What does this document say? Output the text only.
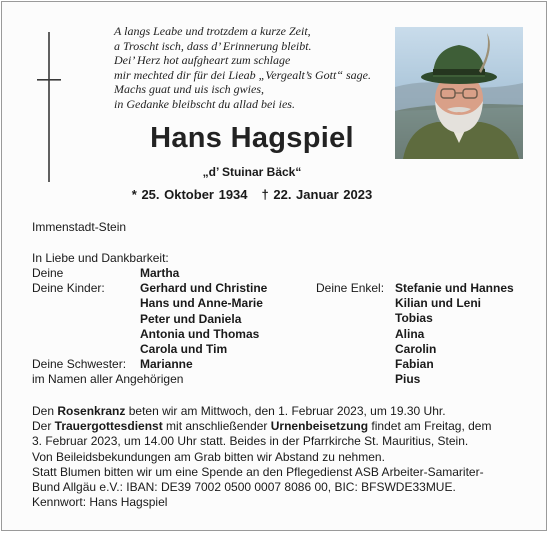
A langs Leabe und trotzdem a kurze Zeit,
a Troscht isch, dass d’ Erinnerung bleibt.
Dei’ Herz hot aufgheart zum schlage
mir mechted dir für dei Lieab „Vergealt’s Gott“ sage.
Machs guat und uis isch gwies,
in Gedanke bleibscht du allad bei ies.
Hans Hagspiel
„d’ Stuinar Bäck“
* 25. Oktober 1934 † 22. Januar 2023
Immenstadt-Stein
In Liebe und Dankbarkeit:
Deine
Deine Kinder:
Deine Schwester:
im Namen aller Angehörigen
Martha
Gerhard und Christine
Hans und Anne-Marie
Peter und Daniela
Antonia und Thomas
Carola und Tim
Marianne
Deine Enkel: Stefanie und Hannes
Kilian und Leni
Tobias
Alina
Carolin
Fabian
Pius
Den Rosenkranz beten wir am Mittwoch, den 1. Februar 2023, um 19.30 Uhr.
Der Trauergottesdienst mit anschließender Urnenbeisetzung findet am Freitag, dem
3. Februar 2023, um 14.00 Uhr statt. Beides in der Pfarrkirche St. Mauritius, Stein.
Von Beileidsbekundungen am Grab bitten wir Abstand zu nehmen.
Statt Blumen bitten wir um eine Spende an den Pflegedienst ASB Arbeiter-Samariter-
Bund Allgäu e.V.: IBAN: DE39 7002 0500 0007 8086 00, BIC: BFSWDE33MUE.
Kennwort: Hans Hagspiel
